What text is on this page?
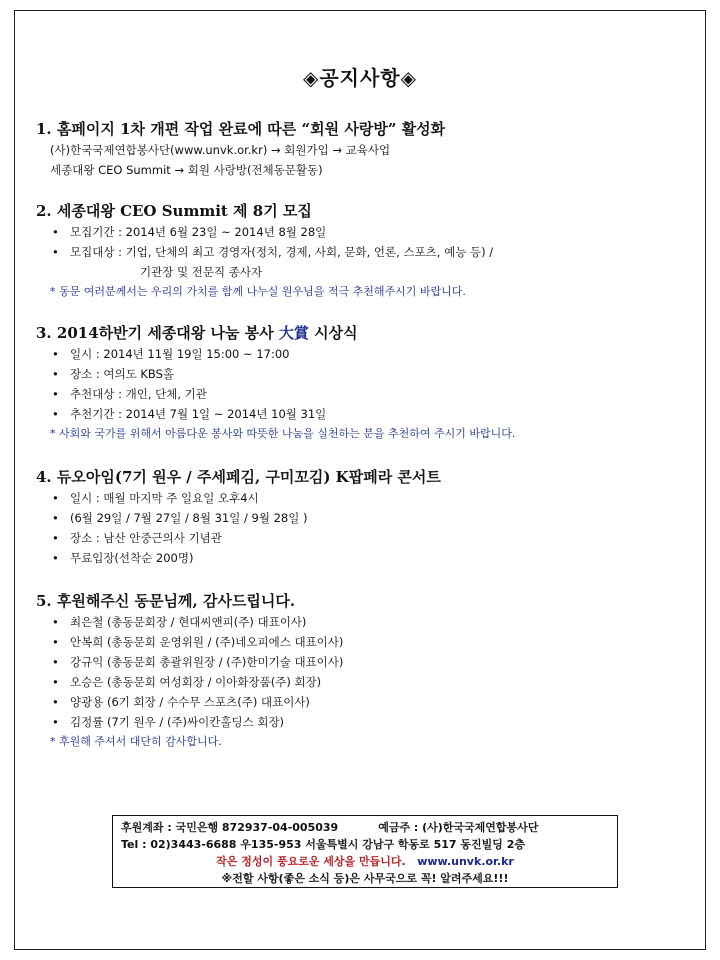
◈공지사항◈
1. 홈페이지 1차 개편 작업 완료에 따른 “회원 사랑방” 활성화
(사)한국국제연합봉사단(www.unvk.or.kr) → 회원가입 → 교육사업
세종대왕 CEO Summit → 회원 사랑방(전체동문활동)
2. 세종대왕 CEO Summit 제 8기 모집
• 모집기간 : 2014년 6월 23일 ~ 2014년 8월 28일
• 모집대상 : 기업, 단체의 최고 경영자(정치, 경제, 사회, 문화, 언론, 스포츠, 예능 등) /
기관장 및 전문직 종사자
* 동문 여러분께서는 우리의 가치를 함께 나누실 원우님을 적극 추천해주시기 바랍니다.
3. 2014하반기 세종대왕 나눔 봉사 大賞 시상식
• 일시 : 2014년 11월 19일 15:00 ~ 17:00
• 장소 : 여의도 KBS홀
• 추천대상 : 개인, 단체, 기관
• 추천기간 : 2014년 7월 1일 ~ 2014년 10월 31일
* 사회와 국가를 위해서 아름다운 봉사와 따뜻한 나눔을 실천하는 분을 추천하여 주시기 바랍니다.
4. 듀오아임(7기 원우 / 주세페김, 구미꼬김) K팝페라 콘서트
• 일시 : 매월 마지막 주 일요일 오후4시
• (6월 29일 / 7월 27일 / 8월 31일 / 9월 28일 )
• 장소 : 남산 안중근의사 기념관
• 무료입장(선착순 200명)
5. 후원해주신 동문님께, 감사드립니다.
• 최은철 (총동문회장 / 현대씨앤피(주) 대표이사)
• 안복희 (총동문회 운영위원 / (주)네오피에스 대표이사)
• 강규익 (총동문회 총괄위원장 / (주)한미기술 대표이사)
• 오승은 (총동문회 여성회장 / 이아화장품(주) 회장)
• 양광용 (6기 회장 / 수수무 스포츠(주) 대표이사)
• 김정률 (7기 원우 / (주)싸이칸홀딩스 회장)
* 후원해 주셔서 대단히 감사합니다.
후원계좌 : 국민은행 872937-04-005039	예금주 : (사)한국국제연합봉사단
Tel : 02)3443-6688 우135-953 서울특별시 강남구 학동로 517 동진빌딩 2층
작은 정성이 풍요로운 세상을 만듭니다. www.unvk.or.kr
※전할 사항(좋은 소식 등)은 사무국으로 꼭! 알려주세요!!!
